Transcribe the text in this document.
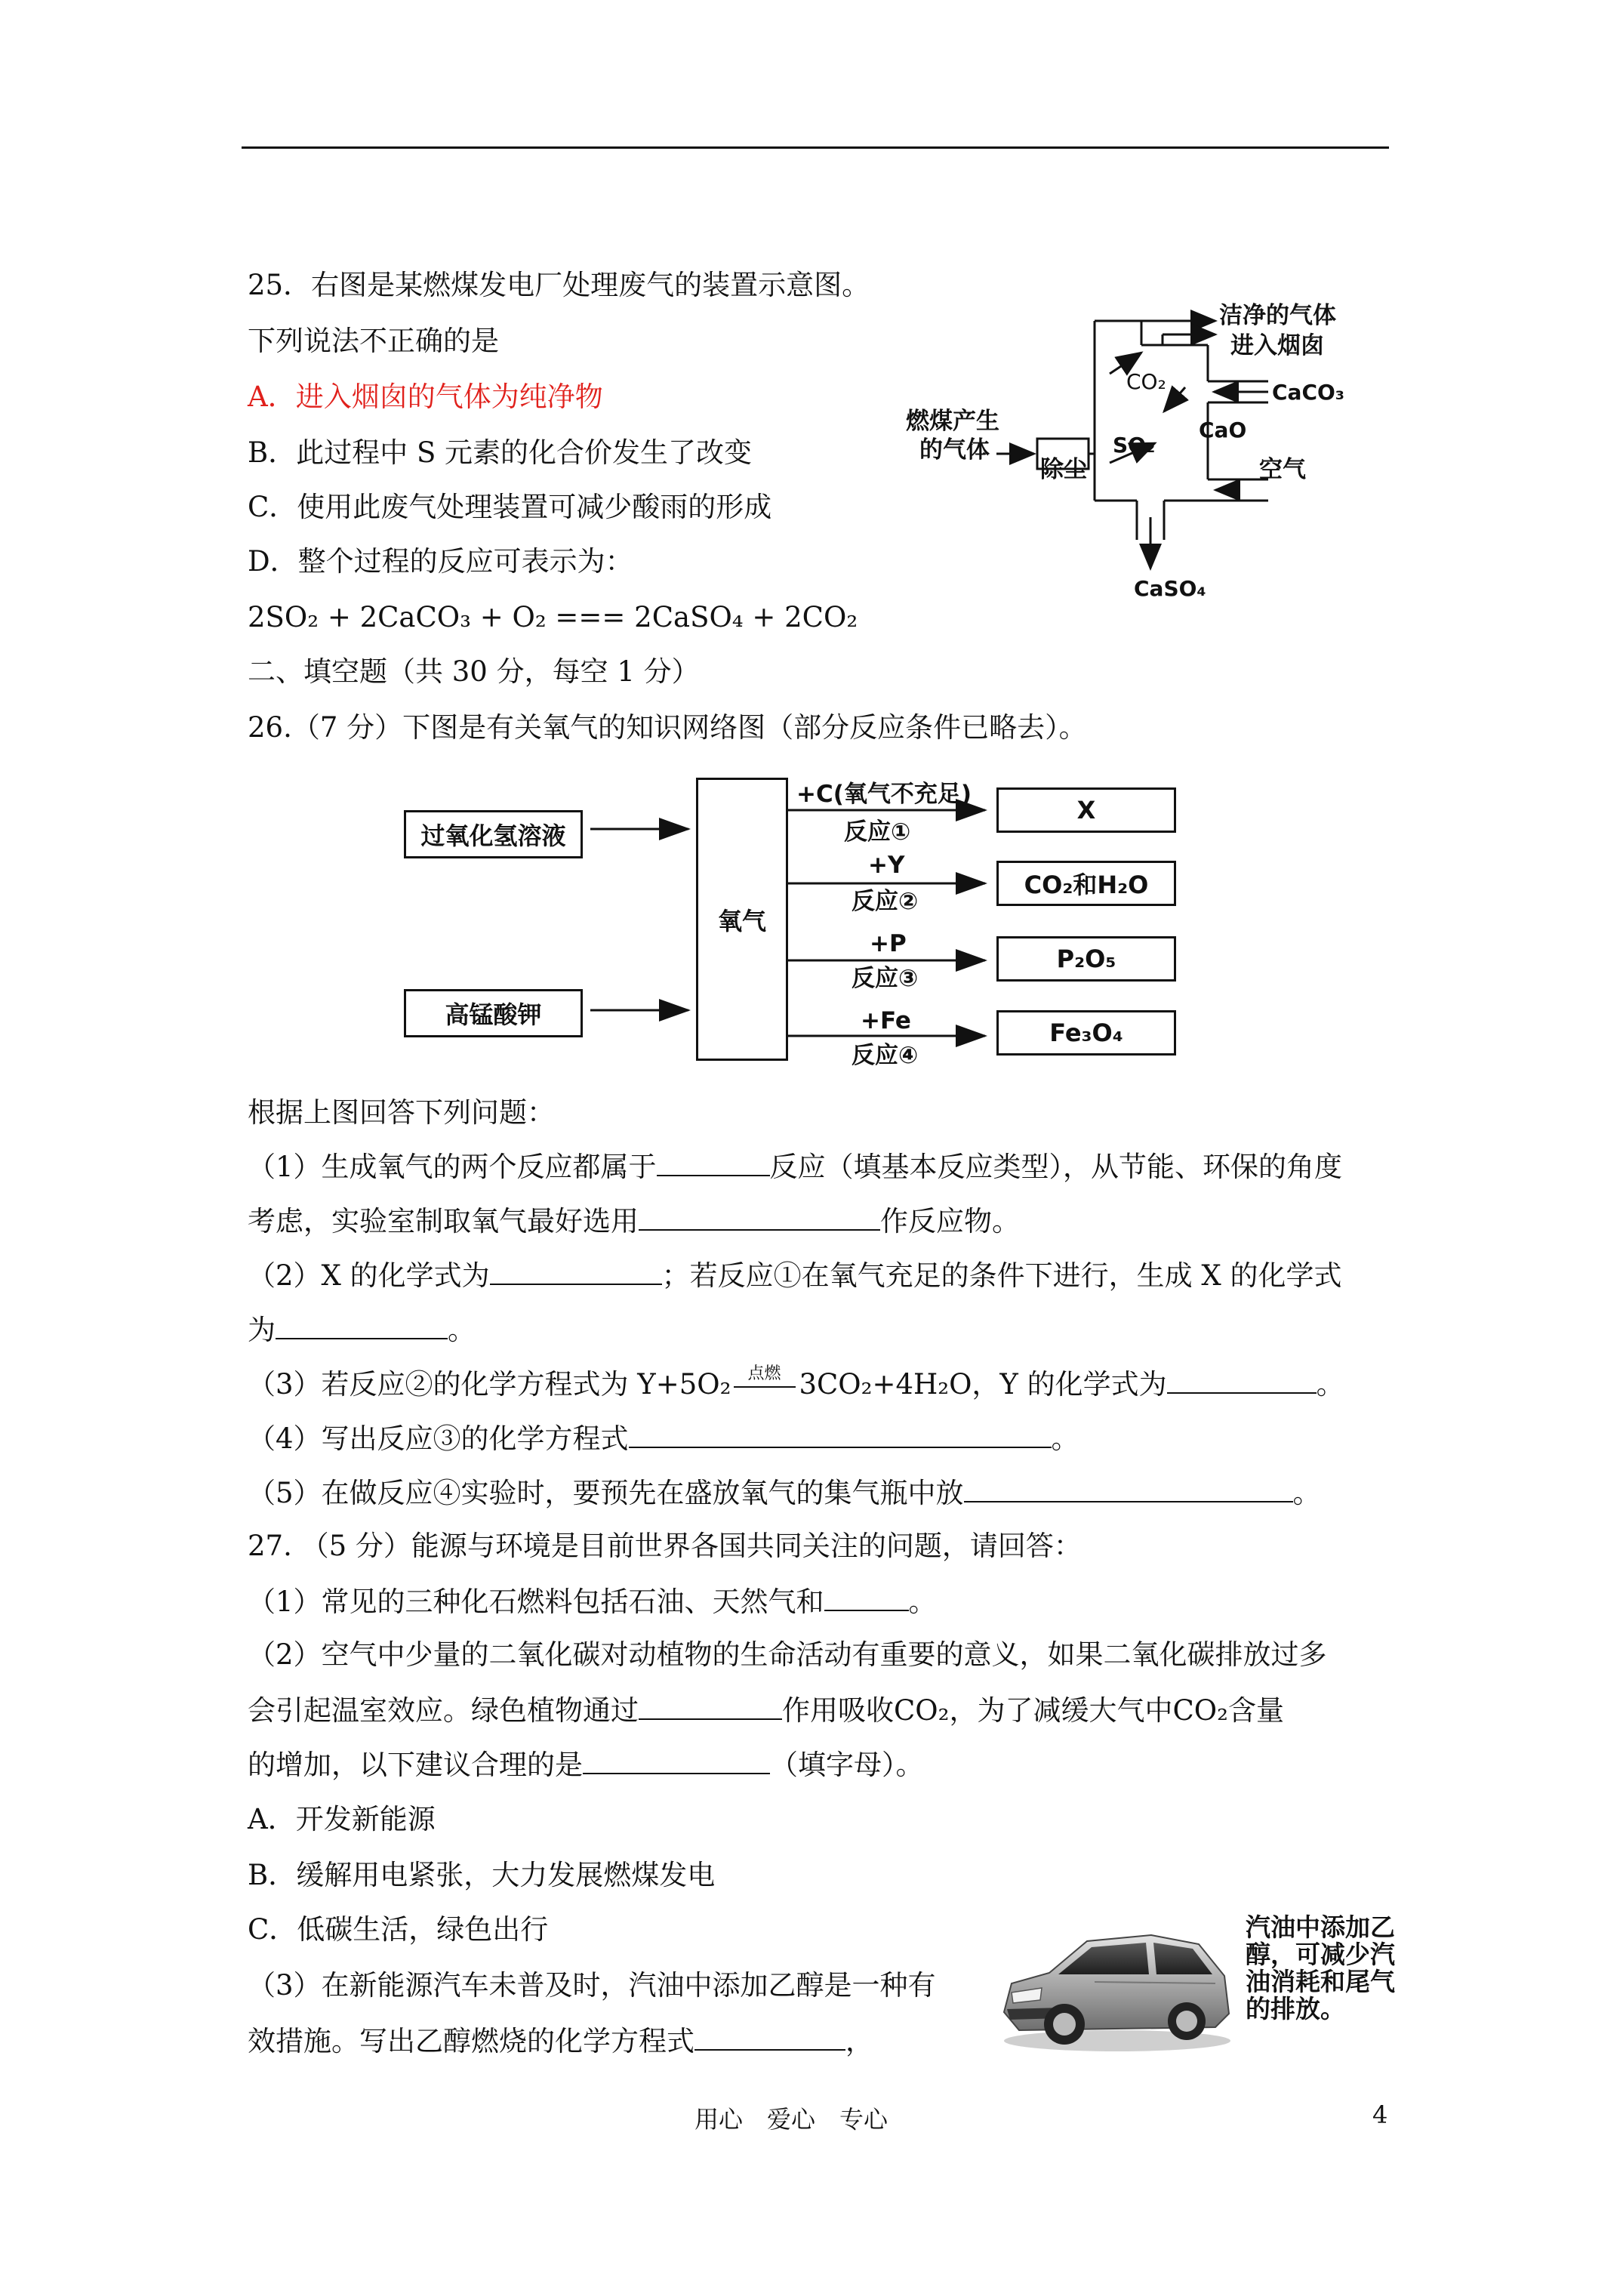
25．右图是某燃煤发电厂处理废气的装置示意图。
下列说法不正确的是
A．进入烟囱的气体为纯净物
B．此过程中 S 元素的化合价发生了改变
C．使用此废气处理装置可减少酸雨的形成
D．整个过程的反应可表示为：
2SO₂ + 2CaCO₃ + O₂ === 2CaSO₄ + 2CO₂
洁净的气体
进入烟囱
CO₂	CaCO₃
燃煤产生
的气体
CaO
SO₂
除尘	空气
CaSO₄
二、填空题（共 30 分，每空 1 分）
26.（7 分）下图是有关氧气的知识网络图（部分反应条件已略去）。
过氧化氢溶液
高锰酸钾
氧气
+C(氧气不充足)
反应①
+Y
反应②
+P
反应③
+Fe
反应④
X
CO₂和H₂O
P₂O₅
Fe₃O₄
根据上图回答下列问题：
（1）生成氧气的两个反应都属于	反应（填基本反应类型），从节能、环保的角度
考虑，实验室制取氧气最好选用	作反应物。
（2）X 的化学式为	；若反应①在氧气充足的条件下进行，生成 X 的化学式
为	。
（3）若反应②的化学方程式为 Y+5O₂ 点燃 3CO₂+4H₂O，Y 的化学式为	。
（4）写出反应③的化学方程式	。
（5）在做反应④实验时，要预先在盛放氧气的集气瓶中放	。
27. （5 分）能源与环境是目前世界各国共同关注的问题，请回答：
（1）常见的三种化石燃料包括石油、天然气和	。
（2）空气中少量的二氧化碳对动植物的生命活动有重要的意义，如果二氧化碳排放过多
会引起温室效应。绿色植物通过	作用吸收CO₂，为了减缓大气中CO₂含量
的增加，以下建议合理的是	（填字母）。
A．开发新能源
B．缓解用电紧张，大力发展燃煤发电
C．低碳生活，绿色出行
（3）在新能源汽车未普及时，汽油中添加乙醇是一种有
效措施。写出乙醇燃烧的化学方程式	，
汽油中添加乙醇，可减少汽油消耗和尾气的排放。
用心　爱心　专心	4
